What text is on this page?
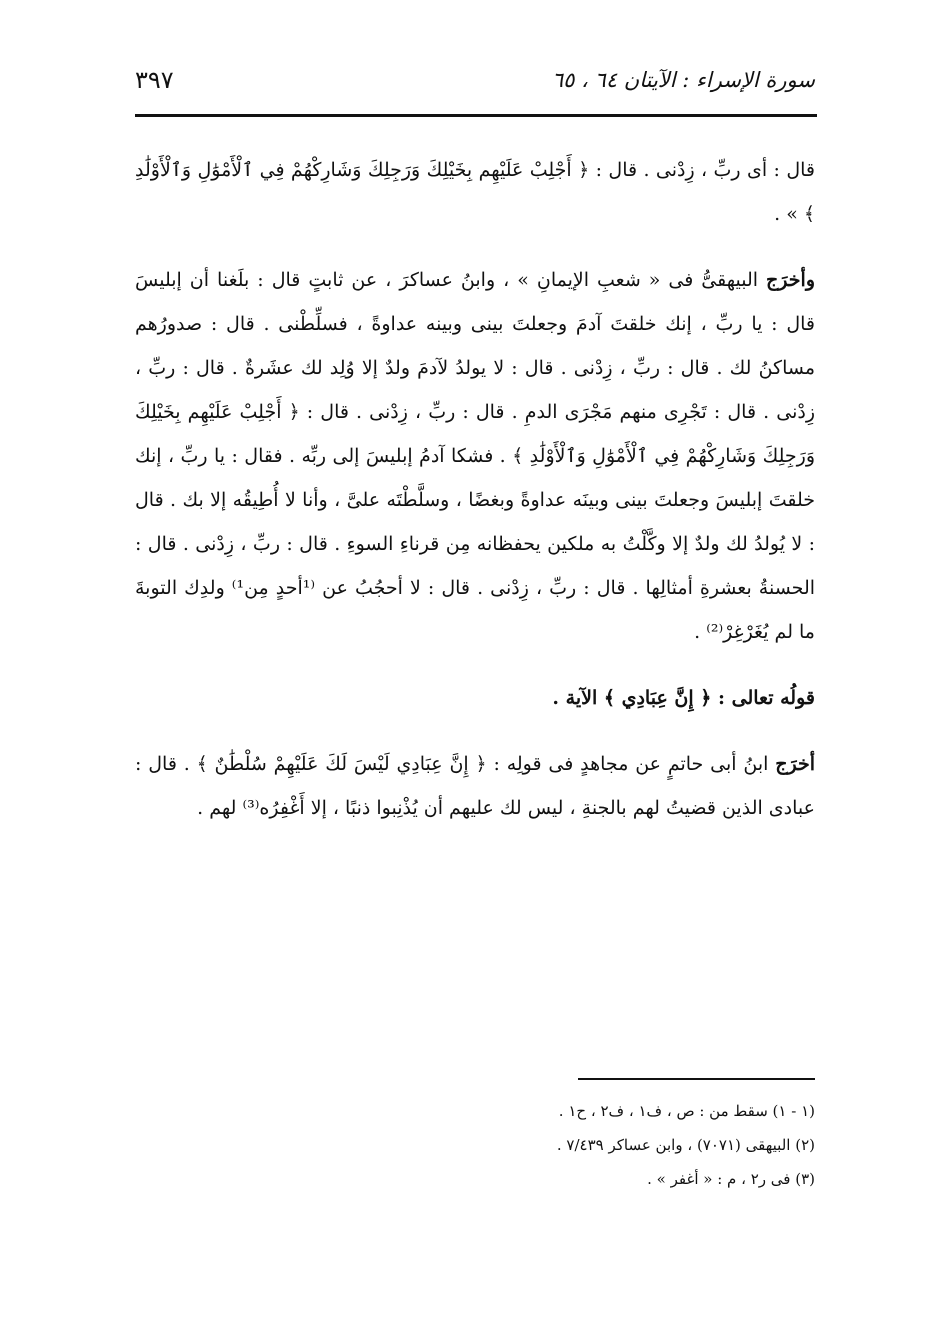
سورة الإسراء : الآيتان ٦٤ ، ٦٥
٣٩٧

قال : أى ربِّ ، زِدْنى . قال : ﴿ أَجْلِبْ عَلَيْهِم بِخَيْلِكَ وَرَجِلِكَ وَشَارِكْهُمْ فِي ٱلْأَمْوَٰلِ وَٱلْأَوْلَٰدِ ﴾ » .

وأخرَج البيهقىُّ فى « شعبِ الإيمانِ » ، وابنُ عساكرَ ، عن ثابتٍ قال : بلَغنا أن إبليسَ قال : يا ربِّ ، إنك خلقتَ آدمَ وجعلتَ بينى وبينه عداوةً ، فسلِّطْنى . قال : صدورُهم مساكنُ لك . قال : ربِّ ، زِدْنى . قال : لا يولدُ لآدمَ ولدٌ إلا وُلِد لك عشَرةٌ . قال : ربِّ ، زِدْنى . قال : تَجْرِى منهم مَجْرَى الدمِ . قال : ربِّ ، زِدْنى . قال : ﴿ أَجْلِبْ عَلَيْهِم بِخَيْلِكَ وَرَجِلِكَ وَشَارِكْهُمْ فِي ٱلْأَمْوَٰلِ وَٱلْأَوْلَٰدِ ﴾ . فشكا آدمُ إبليسَ إلى ربِّه . فقال : يا ربِّ ، إنك خلقتَ إبليسَ وجعلتَ بينى وبينَه عداوةً وبغضًا ، وسلَّطْتَه علىَّ ، وأنا لا أُطِيقُه إلا بك . قال : لا يُولدُ لك ولدٌ إلا وكَّلْتُ به ملكين يحفظانه مِن قرناءِ السوءِ . قال : ربِّ ، زِدْنى . قال : الحسنةُ بعشرةِ أمثالِها . قال : ربِّ ، زِدْنى . قال : لا أحجُبُ عن ⁽¹أحدٍ مِن¹⁾ ولدِك التوبةَ ما لم يُغَرْغِرْ⁽²⁾ .

قولُه تعالى : ﴿ إِنَّ عِبَادِي ﴾ الآية .

أخرَج ابنُ أبى حاتمٍ عن مجاهدٍ فى قولِه : ﴿ إِنَّ عِبَادِي لَيْسَ لَكَ عَلَيْهِمْ سُلْطَٰنٌ ﴾ . قال : عبادى الذين قضيتُ لهم بالجنةِ ، ليس لك عليهم أن يُذْنِبوا ذنبًا ، إلا أَغْفِرُه⁽³⁾ لهم .

(١ - ١) سقط من : ص ، ف١ ، ف٢ ، ح١ .

(٢) البيهقى (٧٠٧١) ، وابن عساكر ٧/٤٣٩ .

(٣) فى ر٢ ، م : « أغفر » .
